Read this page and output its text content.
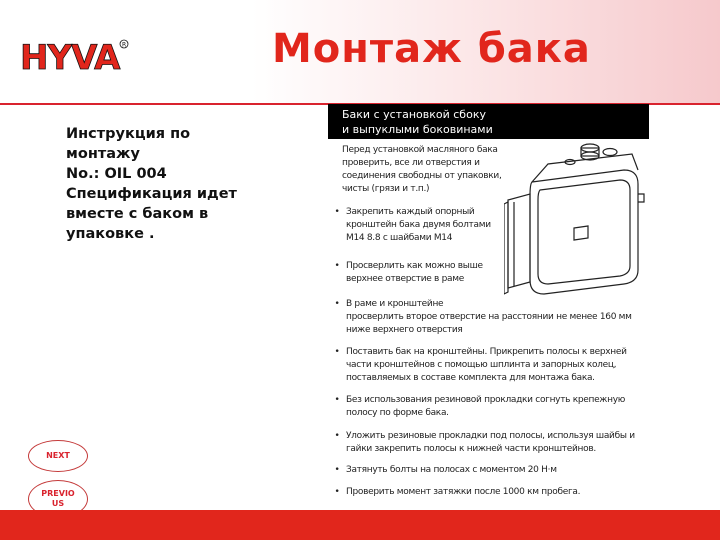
HYVA R	Монтаж бака
Инструкция по
монтажу
No.: OIL 004
Спецификация идет
вместе с баком в
упаковке .
Баки с установкой сбоку
и выпуклыми боковинами
Перед установкой масляного бака
проверить, все ли отверстия и
соединения свободны от упаковки,
чисты (грязи и т.п.)
• Закрепить каждый опорный
кронштейн бака двумя болтами
М14 8.8 с шайбами М14
• Просверлить как можно выше
верхнее отверстие в раме
• В раме и кронштейне
просверлить второе отверстие на расстоянии не менее 160 мм
ниже верхнего отверстия
• Поставить бак на кронштейны. Прикрепить полосы к верхней
части кронштейнов с помощью шплинта и запорных колец,
поставляемых в составе комплекта для монтажа бака.
• Без использования резиновой прокладки согнуть крепежную
полосу по форме бака.
• Уложить резиновые прокладки под полосы, используя шайбы и
гайки закрепить полосы к нижней части кронштейнов.
• Затянуть болты на полосах с моментом 20 Н·м
• Проверить момент затяжки после 1000 км пробега.
NEXT
PREVIO
US
